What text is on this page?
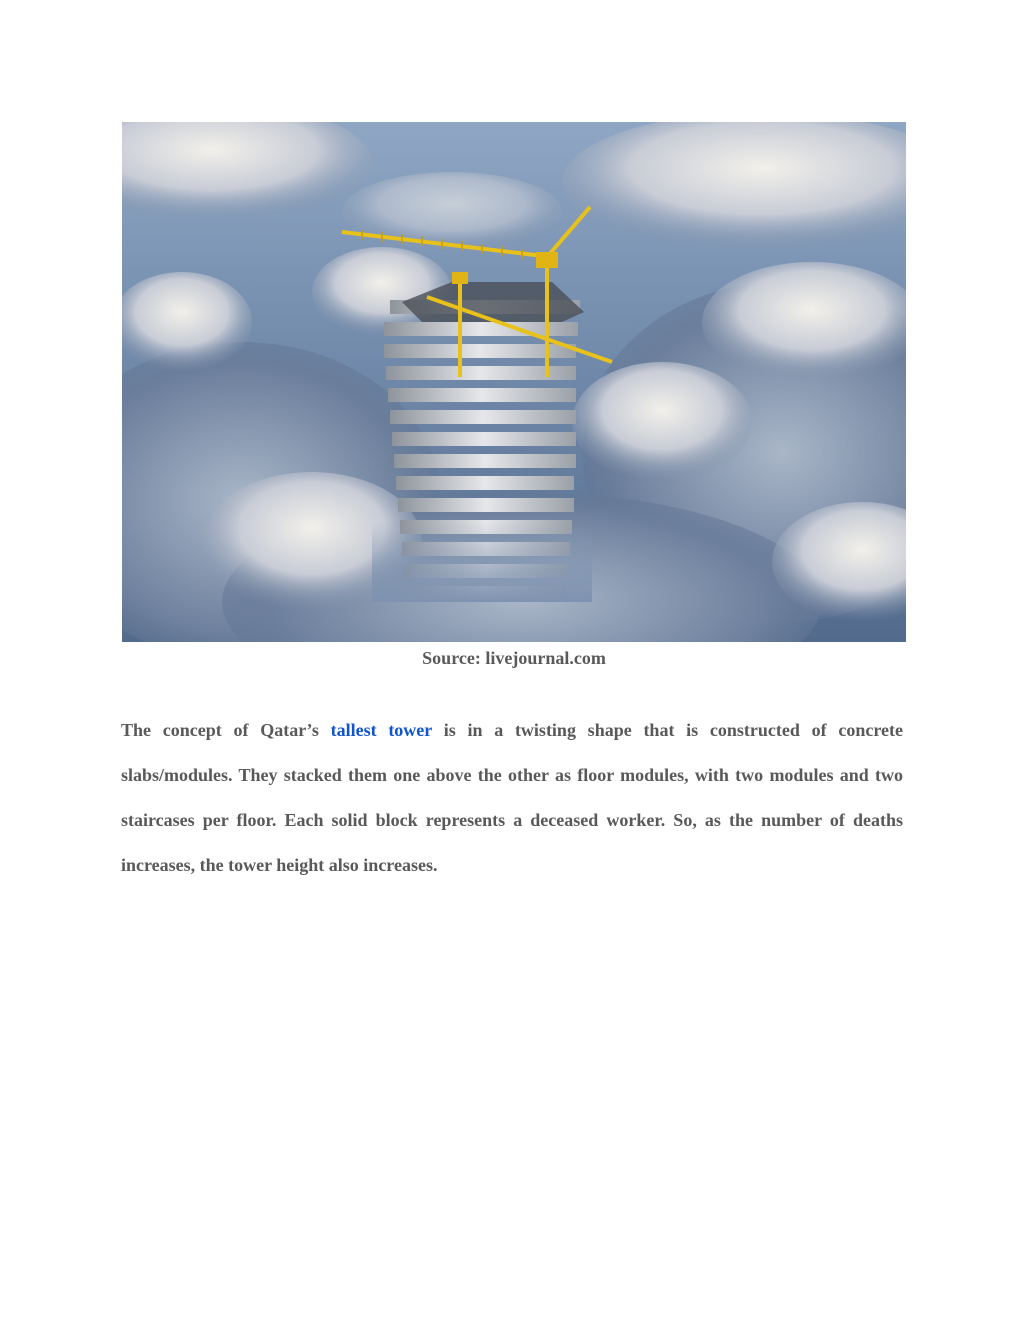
Source: livejournal.com

The concept of Qatar’s tallest tower is in a twisting shape that is constructed of concrete slabs/modules. They stacked them one above the other as floor modules, with two modules and two staircases per floor. Each solid block represents a deceased worker. So, as the number of deaths increases, the tower height also increases.
